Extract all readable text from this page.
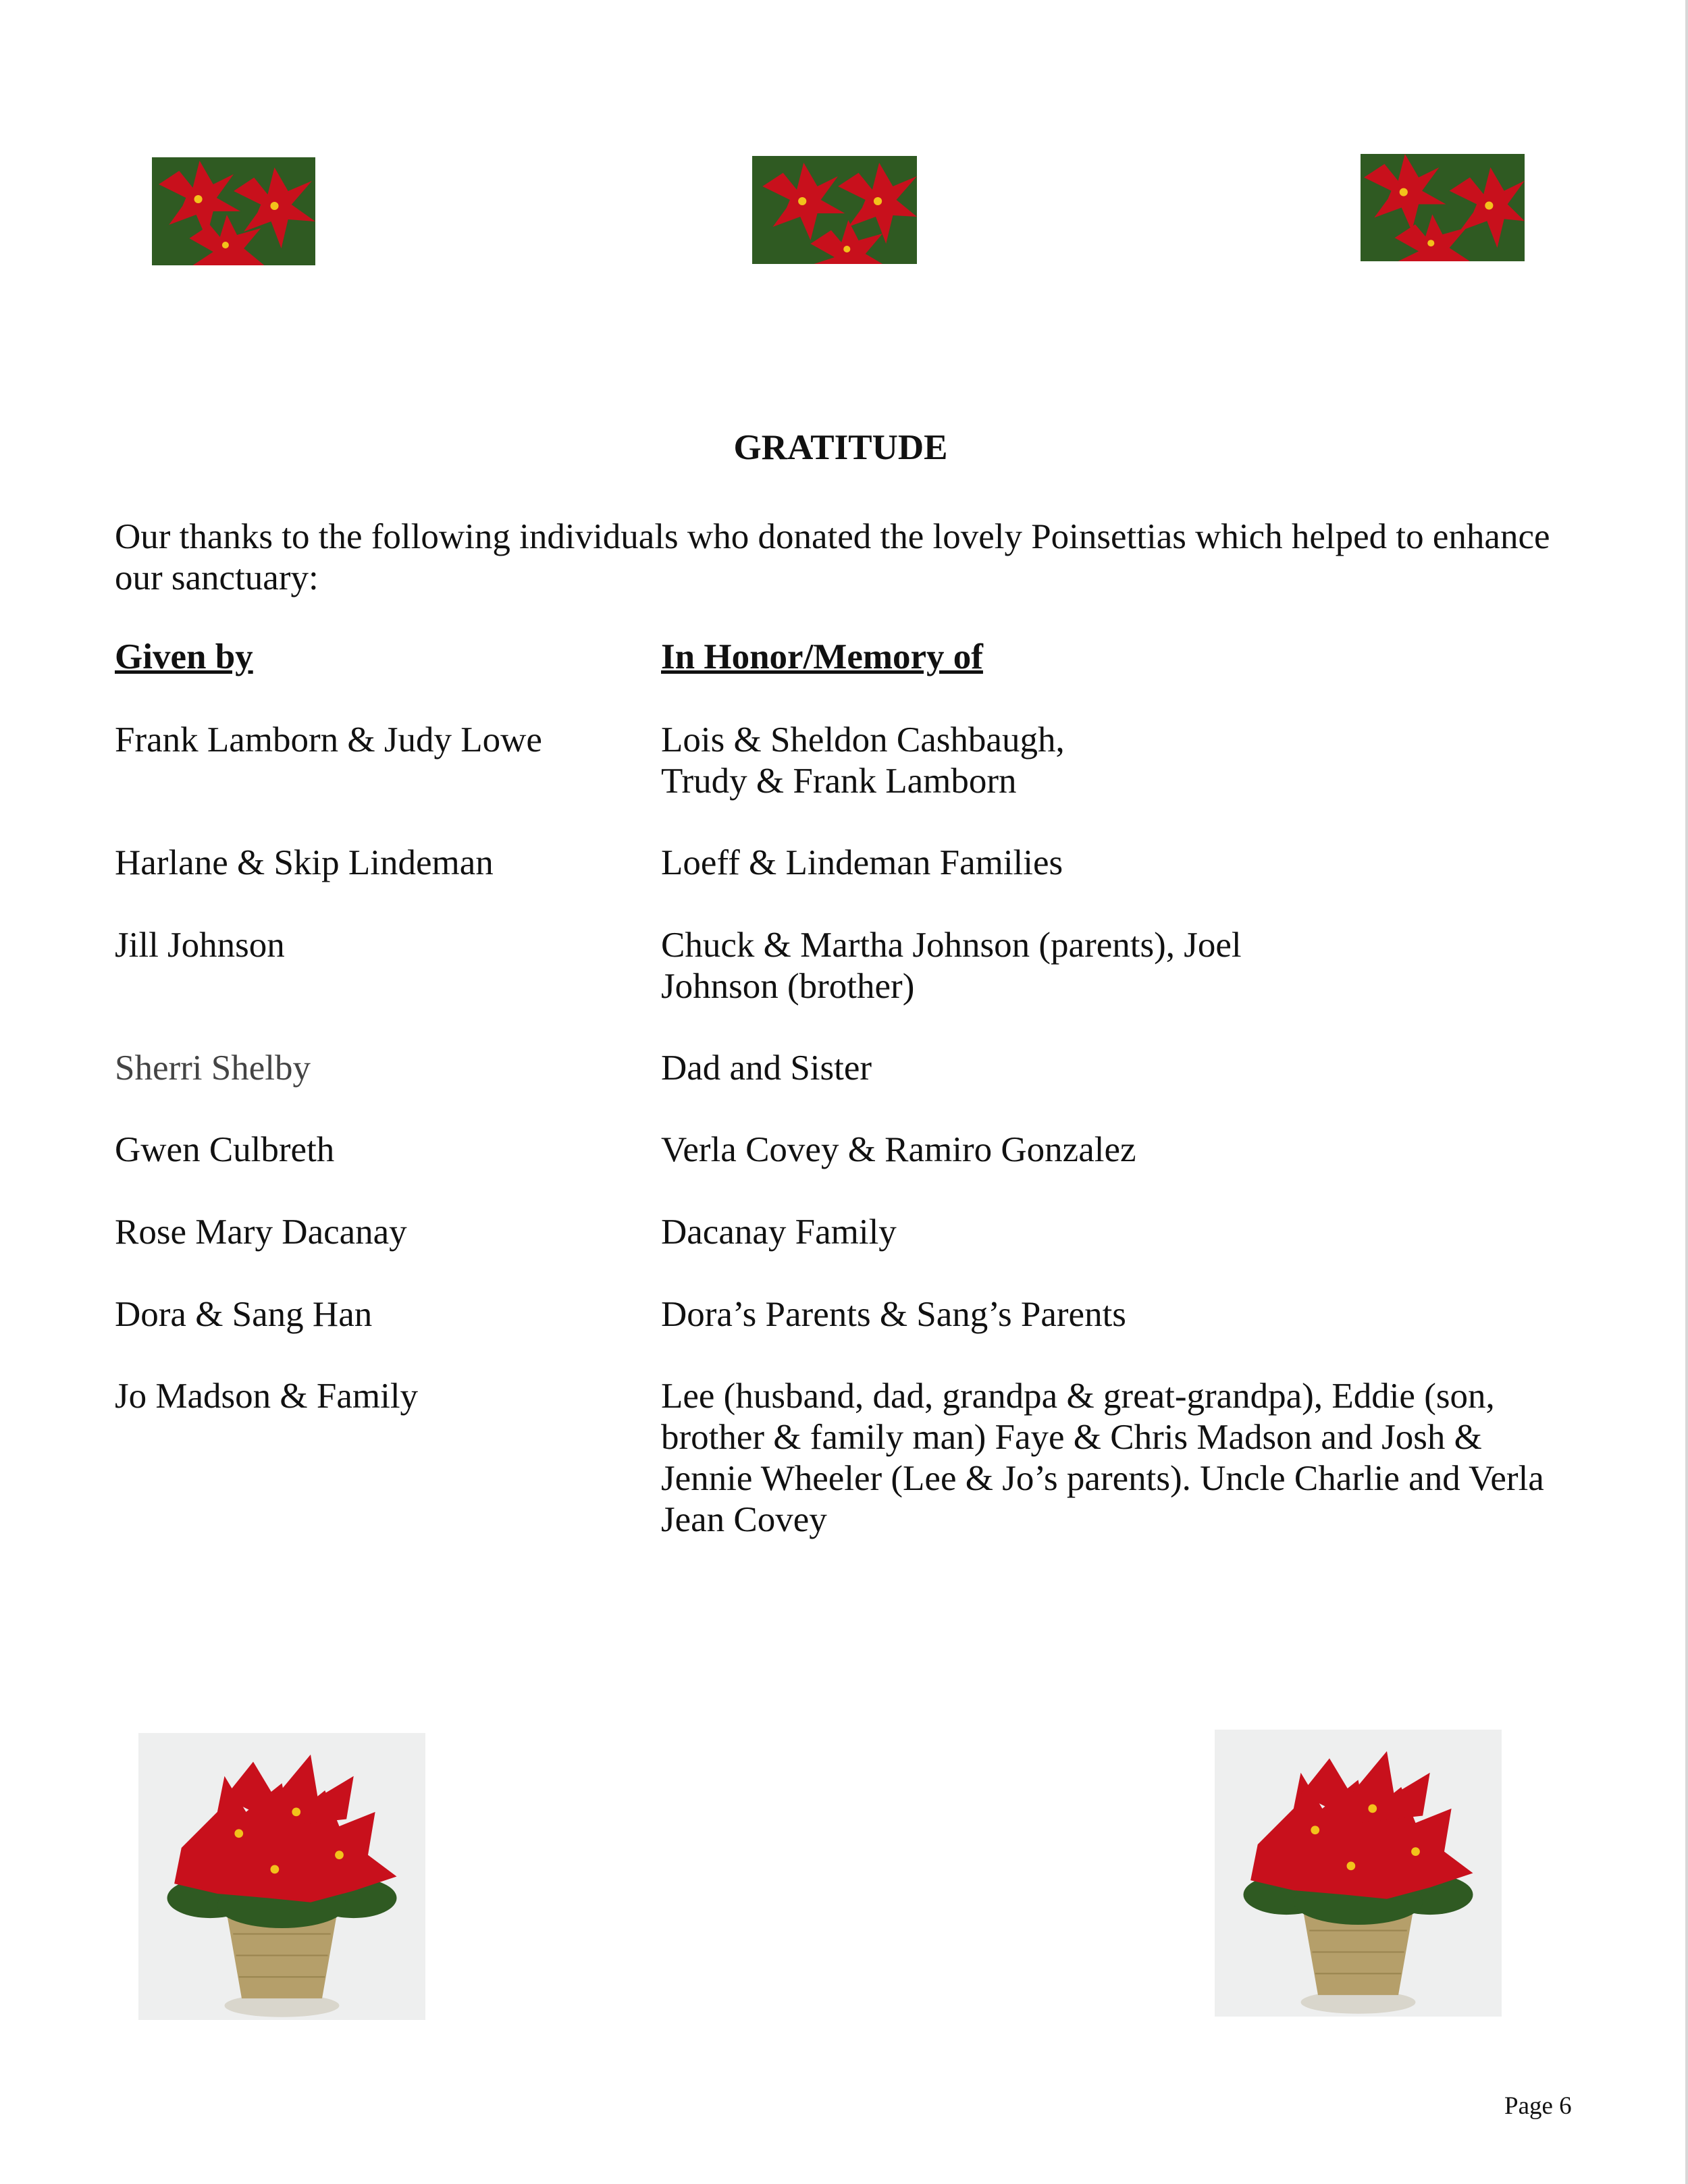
GRATITUDE
Our thanks to the following individuals who donated the lovely Poinsettias which helped to enhance our sanctuary:
Given by	In Honor/Memory of
Frank Lamborn & Judy Lowe	Lois & Sheldon Cashbaugh, Trudy & Frank Lamborn
Harlane & Skip Lindeman	Loeff & Lindeman Families
Jill Johnson	Chuck & Martha Johnson (parents), Joel Johnson (brother)
Sherri Shelby	Dad and Sister
Gwen Culbreth	Verla Covey & Ramiro Gonzalez
Rose Mary Dacanay	Dacanay Family
Dora & Sang Han	Dora’s Parents & Sang’s Parents
Jo Madson & Family	Lee (husband, dad, grandpa & great-grandpa), Eddie (son, brother & family man) Faye & Chris Madson and Josh & Jennie Wheeler (Lee & Jo’s parents). Uncle Charlie and Verla Jean Covey
Page 6
